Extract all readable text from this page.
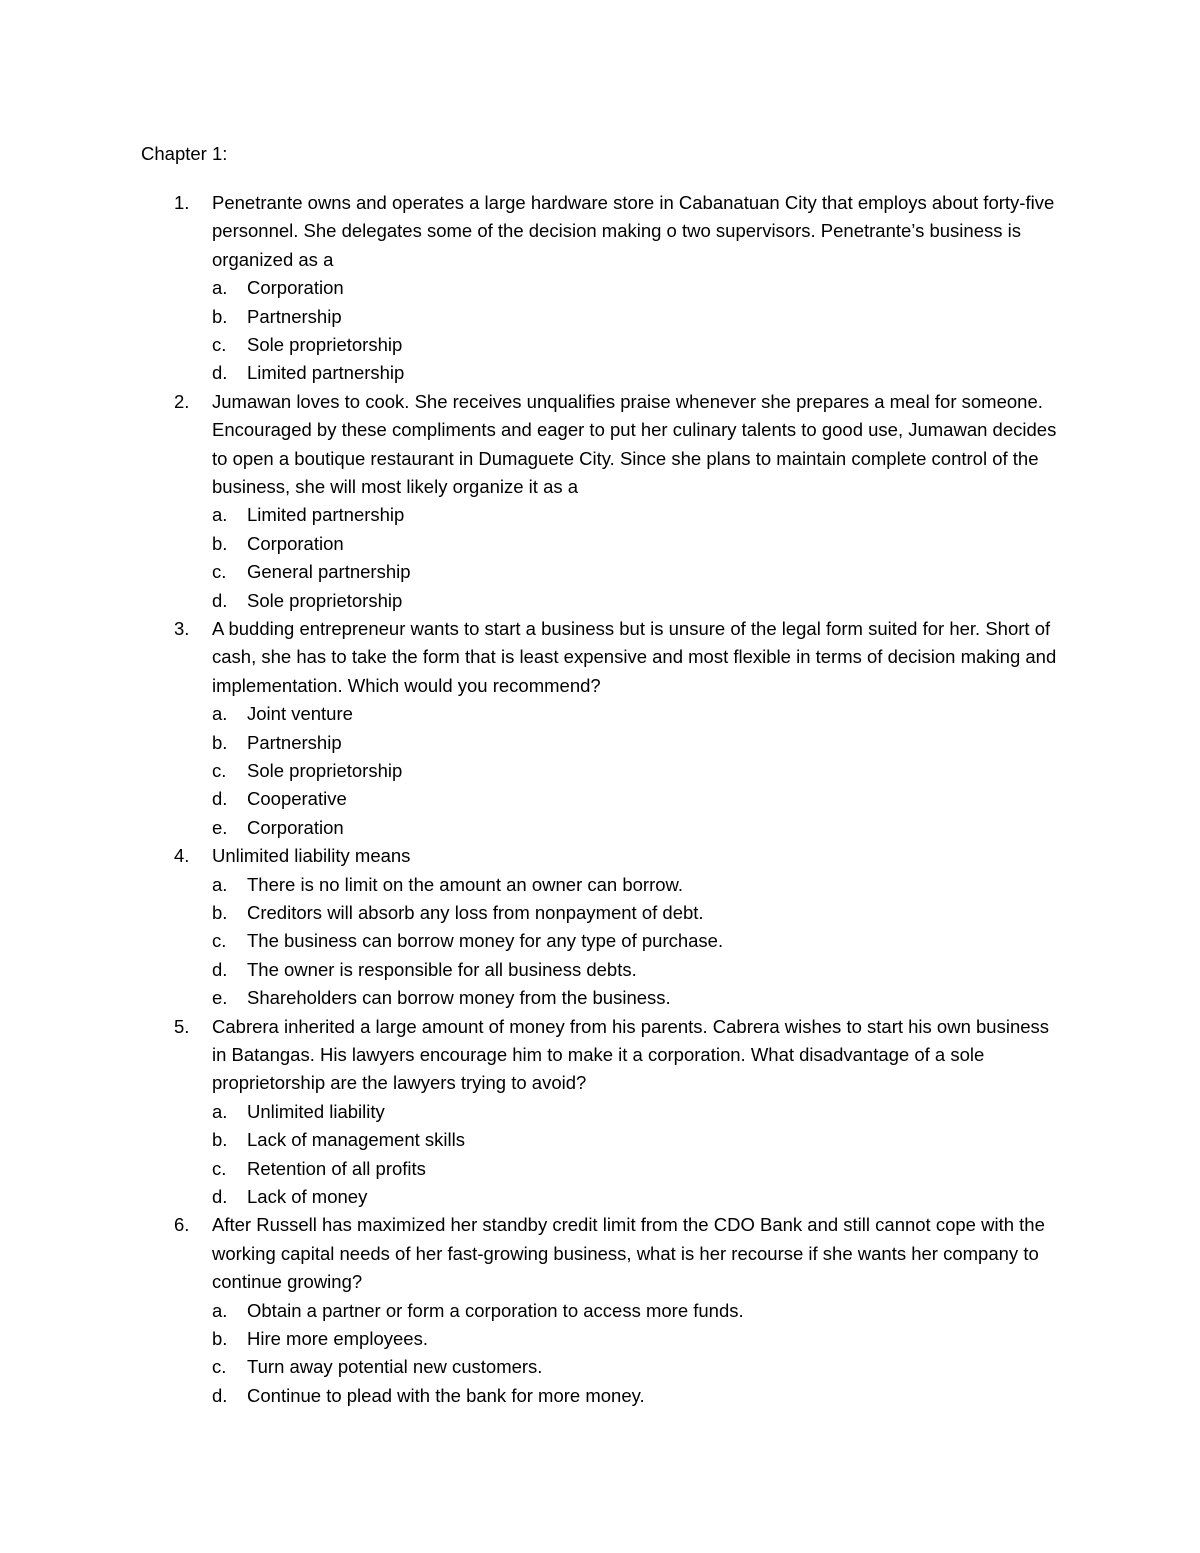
Chapter 1:
1. Penetrante owns and operates a large hardware store in Cabanatuan City that employs about forty-five personnel. She delegates some of the decision making o two supervisors. Penetrante’s business is organized as a
a. Corporation
b. Partnership
c. Sole proprietorship
d. Limited partnership
2. Jumawan loves to cook. She receives unqualifies praise whenever she prepares a meal for someone. Encouraged by these compliments and eager to put her culinary talents to good use, Jumawan decides to open a boutique restaurant in Dumaguete City. Since she plans to maintain complete control of the business, she will most likely organize it as a
a. Limited partnership
b. Corporation
c. General partnership
d. Sole proprietorship
3. A budding entrepreneur wants to start a business but is unsure of the legal form suited for her. Short of cash, she has to take the form that is least expensive and most flexible in terms of decision making and implementation. Which would you recommend?
a. Joint venture
b. Partnership
c. Sole proprietorship
d. Cooperative
e. Corporation
4. Unlimited liability means
a. There is no limit on the amount an owner can borrow.
b. Creditors will absorb any loss from nonpayment of debt.
c. The business can borrow money for any type of purchase.
d. The owner is responsible for all business debts.
e. Shareholders can borrow money from the business.
5. Cabrera inherited a large amount of money from his parents. Cabrera wishes to start his own business in Batangas. His lawyers encourage him to make it a corporation. What disadvantage of a sole proprietorship are the lawyers trying to avoid?
a. Unlimited liability
b. Lack of management skills
c. Retention of all profits
d. Lack of money
6. After Russell has maximized her standby credit limit from the CDO Bank and still cannot cope with the working capital needs of her fast-growing business, what is her recourse if she wants her company to continue growing?
a. Obtain a partner or form a corporation to access more funds.
b. Hire more employees.
c. Turn away potential new customers.
d. Continue to plead with the bank for more money.
